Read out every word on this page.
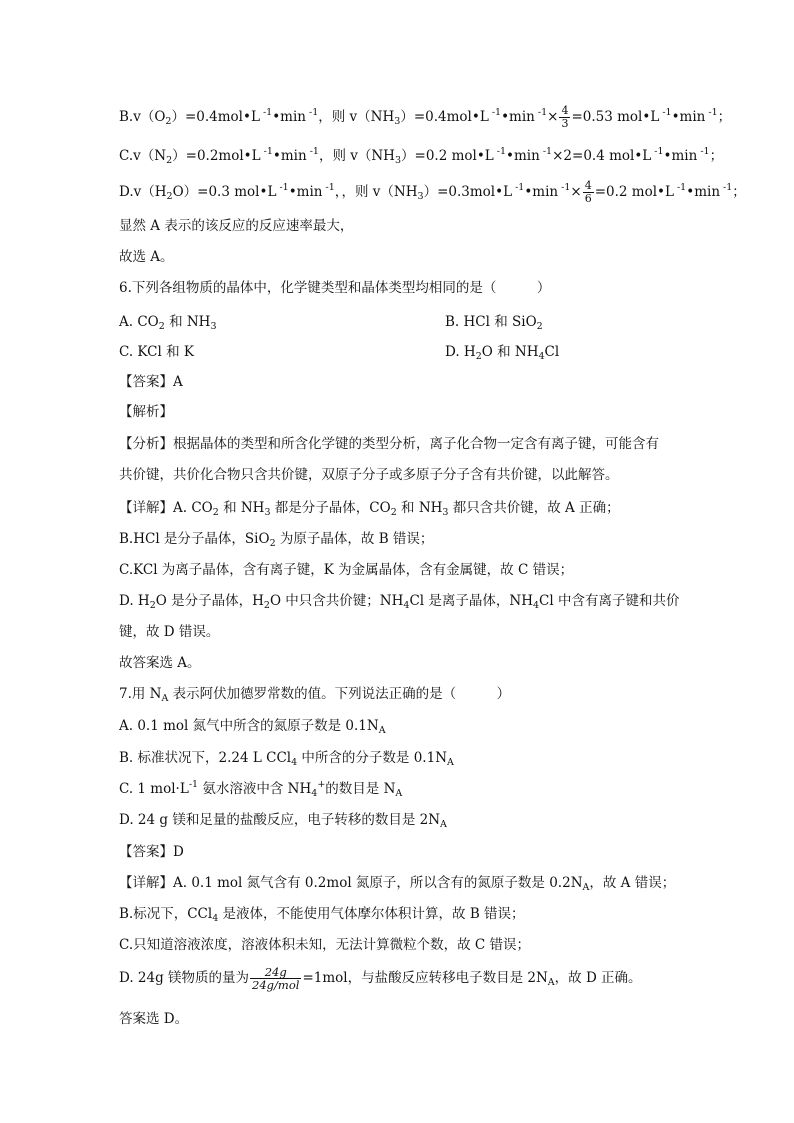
$B.v(O_2)=0.4mol•L$ $^{-1}$•min $^{-1}$，则 $v(NH_3)=0.4mol•L$ $^{-1}$•min $^{-1}\times \frac{4}{3} =0.53$ mol•L $^{-1}$•min $^{-1}$；
$C.v(N_2)=0.2mol•L$ $^{-1}$•min $^{-1}$，则 $v(NH_3)=0.2$ mol•L $^{-1}$•min $^{-1}$×2=0.4 mol•L $^{-1}$•min $^{-1}$；
$D.v(H_2O)=0.3$ mol•L $^{-1}$•min $^{-1}$，，则 $v(NH_3)=0.3mol•L$ $^{-1}$•min $^{-1}\times \frac{4}{6} =0.2$ mol•L $^{-1}$•min $^{-1}$；
显然 A 表示的该反应的反应速率最大，
故选 A。
6.下列各组物质的晶体中，化学键类型和晶体类型均相同的是（　　　）
A. $CO_2$ 和 $NH_3$	B. HCl 和 SiO$_2$
C. KCl 和 K	D. $H_2O$ 和 $NH_4Cl$
【答案】A
【解析】
【分析】根据晶体的类型和所含化学键的类型分析，离子化合物一定含有离子键，可能含有
共价键，共价化合物只含共价键，双原子分子或多原子分子含有共价键，以此解答。
【详解】A. $CO_2$ 和 $NH_3$ 都是分子晶体，$CO_2$ 和 $NH_3$ 都只含共价键，故 A 正确；
B.HCl 是分子晶体，SiO$_2$ 为原子晶体，故 B 错误；
C.KCl 为离子晶体，含有离子键，K 为金属晶体，含有金属键，故 C 错误；
D. $H_2O$ 是分子晶体，$H_2O$ 中只含共价键；$NH_4Cl$ 是离子晶体，$NH_4Cl$ 中含有离子键和共价
键，故 D 错误。
故答案选 A。
7.用 $N_A$ 表示阿伏加德罗常数的值。下列说法正确的是（　　　）
A. 0.1 mol 氮气中所含的氮原子数是 $0.1N_A$
B. 标准状况下，2.24 L CCl$_4$ 中所含的分子数是 $0.1N_A$
C. 1 $mol\cdot L^{-1}$ 氨水溶液中含 $NH_4^+$的数目是 $N_A$
D. 24 g 镁和足量的盐酸反应，电子转移的数目是 $2N_A$
【答案】D
【详解】A. 0.1 mol 氮气含有 0.2mol 氮原子，所以含有的氮原子数是 $0.2N_A$，故 A 错误；
B.标况下，CCl$_4$ 是液体，不能使用气体摩尔体积计算，故 B 错误；
C.只知道溶液浓度，溶液体积未知，无法计算微粒个数，故 C 错误；
D. 24g 镁物质的量为 $\frac{24g}{\text{24g/mol}} =1mol$，与盐酸反应转移电子数目是 $2N_A$，故 D 正确。
答案选 D。
